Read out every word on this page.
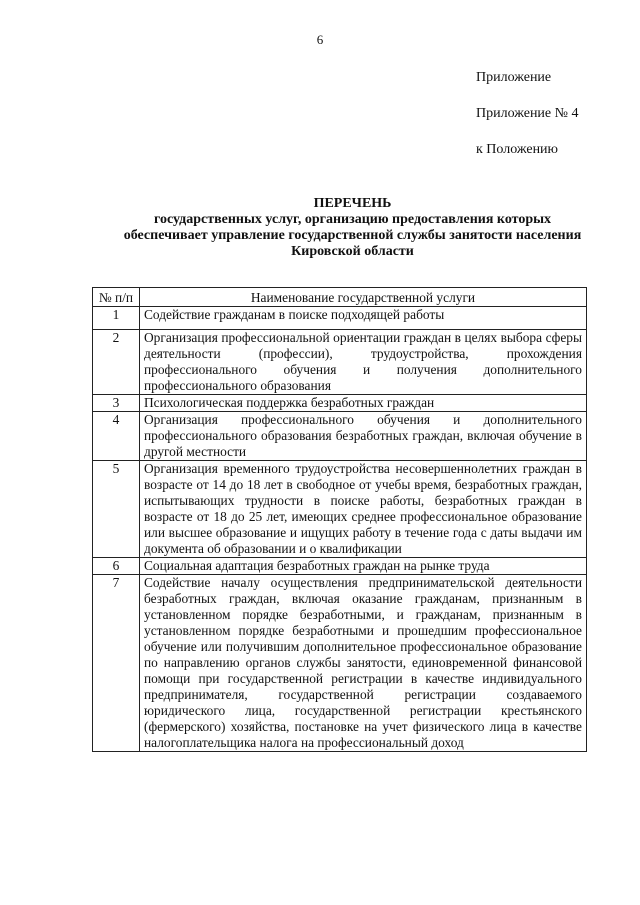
6
Приложение
Приложение № 4
к Положению
ПЕРЕЧЕНЬ
государственных услуг, организацию предоставления которых
обеспечивает управление государственной службы занятости населения
Кировской области
№ п/п	Наименование государственной услуги
1	Содействие гражданам в поиске подходящей работы
2	Организация профессиональной ориентации граждан в целях выбора сферы деятельности (профессии), трудоустройства, прохождения профессионального обучения и получения дополнительного профессионального образования
3	Психологическая поддержка безработных граждан
4	Организация профессионального обучения и дополнительного профессионального образования безработных граждан, включая обучение в другой местности
5	Организация временного трудоустройства несовершеннолетних граждан в возрасте от 14 до 18 лет в свободное от учебы время, безработных граждан, испытывающих трудности в поиске работы, безработных граждан в возрасте от 18 до 25 лет, имеющих среднее профессиональное образование или высшее образование и ищущих работу в течение года с даты выдачи им документа об образовании и о квалификации
6	Социальная адаптация безработных граждан на рынке труда
7	Содействие началу осуществления предпринимательской деятельности безработных граждан, включая оказание гражданам, признанным в установленном порядке безработными, и гражданам, признанным в установленном порядке безработными и прошедшим профессиональное обучение или получившим дополнительное профессиональное образование по направлению органов службы занятости, единовременной финансовой помощи при государственной регистрации в качестве индивидуального предпринимателя, государственной регистрации создаваемого юридического лица, государственной регистрации крестьянского (фермерского) хозяйства, постановке на учет физического лица в качестве налогоплательщика налога на профессиональный доход
